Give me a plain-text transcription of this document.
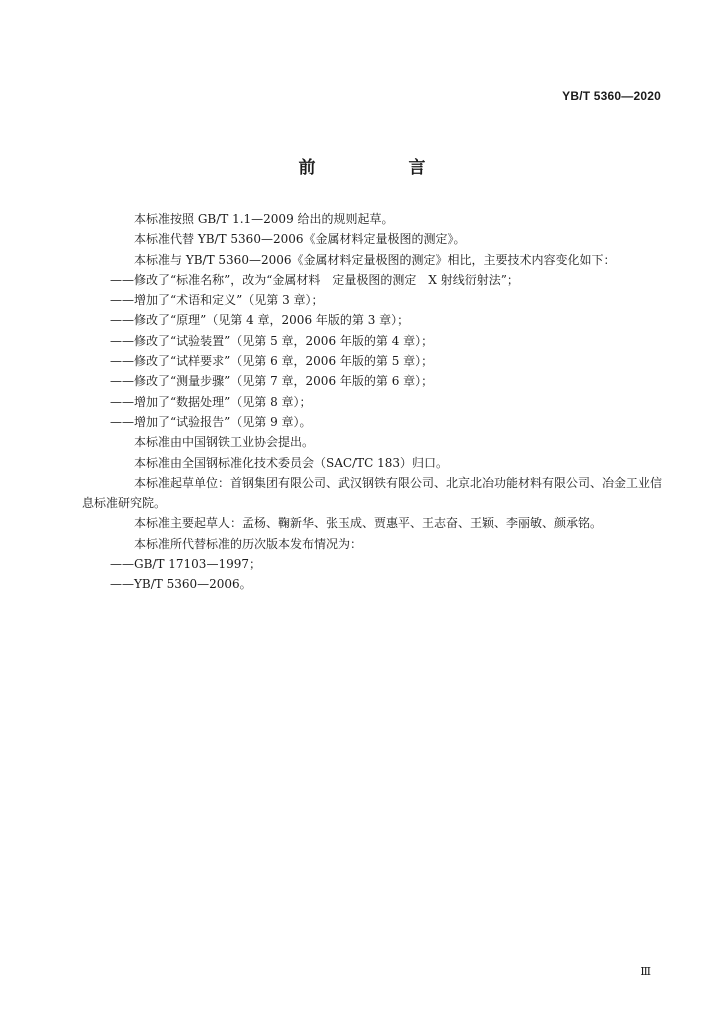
YB/T 5360—2020
前　言

本标准按照 GB/T 1.1—2009 给出的规则起草。

本标准代替 YB/T 5360—2006《金属材料定量极图的测定》。

本标准与 YB/T 5360—2006《金属材料定量极图的测定》相比，主要技术内容变化如下：

——修改了“标准名称”，改为“金属材料　定量极图的测定　X 射线衍射法”；

——增加了“术语和定义”（见第 3 章）；

——修改了“原理”（见第 4 章，2006 年版的第 3 章）；

——修改了“试验装置”（见第 5 章，2006 年版的第 4 章）；

——修改了“试样要求”（见第 6 章，2006 年版的第 5 章）；

——修改了“测量步骤”（见第 7 章，2006 年版的第 6 章）；

——增加了“数据处理”（见第 8 章）；

——增加了“试验报告”（见第 9 章）。

本标准由中国钢铁工业协会提出。

本标准由全国钢标准化技术委员会（SAC/TC 183）归口。

本标准起草单位：首钢集团有限公司、武汉钢铁有限公司、北京北冶功能材料有限公司、冶金工业信

息标准研究院。

本标准主要起草人：孟杨、鞠新华、张玉成、贾惠平、王志奋、王颖、李丽敏、颜承铭。

本标准所代替标准的历次版本发布情况为：

——GB/T 17103—1997；

——YB/T 5360—2006。

Ⅲ
